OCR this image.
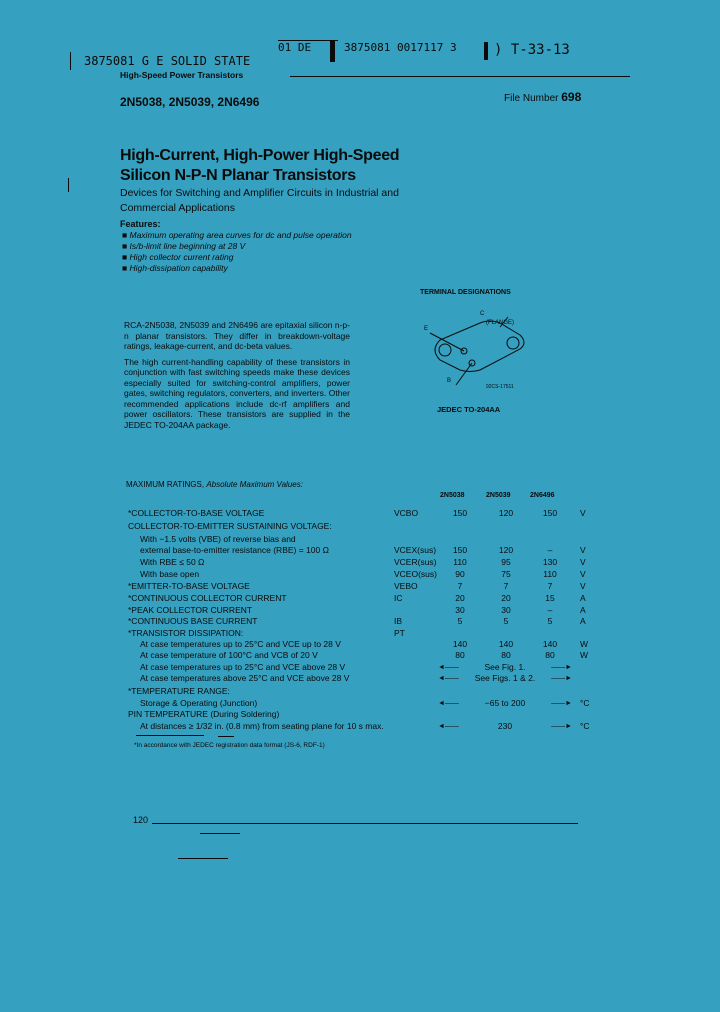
3875081 G E SOLID STATE
01 DE	3875081 0017117 3	) T-33-13
High-Speed Power Transistors
2N5038, 2N5039, 2N6496	File Number 698
High-Current, High-Power High-Speed
Silicon N-P-N Planar Transistors
Devices for Switching and Amplifier Circuits in Industrial and Commercial Applications
Features:
■ Maximum operating area curves for dc and pulse operation
■ Is/b-limit line beginning at 28 V
■ High collector current rating
■ High-dissipation capability

RCA-2N5038, 2N5039 and 2N6496 are epitaxial silicon n-p-n planar transistors. They differ in breakdown-voltage ratings, leakage-current, and dc-beta values.

The high current-handling capability of these transistors in conjunction with fast switching speeds make these devices especially suited for switching-control amplifiers, power gates, switching regulators, converters, and inverters. Other recommended applications include dc-rf amplifiers and power oscillators. These transistors are supplied in the JEDEC TO-204AA package.

TERMINAL DESIGNATIONS
C
(FLANGE)
E
B
92CS-17511
JEDEC TO-204AA
MAXIMUM RATINGS, Absolute Maximum Values:
2N5038	2N5039	2N6496
*COLLECTOR-TO-BASE VOLTAGE	VCBO	150	120	150	V
COLLECTOR-TO-EMITTER SUSTAINING VOLTAGE:
With −1.5 volts (VBE) of reverse bias and
external base-to-emitter resistance (RBE) = 100 Ω	VCEX(sus)	150	120	–	V
With RBE ≤ 50 Ω	VCER(sus)	110	95	130	V
With base open	VCEO(sus)	90	75	110	V
*EMITTER-TO-BASE VOLTAGE	VEBO	7	7	7	V
*CONTINUOUS COLLECTOR CURRENT	IC	20	20	15	A
*PEAK COLLECTOR CURRENT	30	30	–	A
*CONTINUOUS BASE CURRENT	IB	5	5	5	A
*TRANSISTOR DISSIPATION:	PT
At case temperatures up to 25°C and VCE up to 28 V	140	140	140	W
At case temperature of 100°C and VCB of 20 V	80	80	80	W
At case temperatures up to 25°C and VCE above 28 V	◄—— See Fig. 1. ——►
At case temperatures above 25°C and VCE above 28 V	◄—— See Figs. 1 & 2. ——►
*TEMPERATURE RANGE:
Storage & Operating (Junction)	◄—— −65 to 200 ——►	°C
PIN TEMPERATURE (During Soldering)
At distances ≥ 1/32 in. (0.8 mm) from seating plane for 10 s max.	◄—— 230 ——►	°C
*In accordance with JEDEC registration data format (JS-6, RDF-1)
120
